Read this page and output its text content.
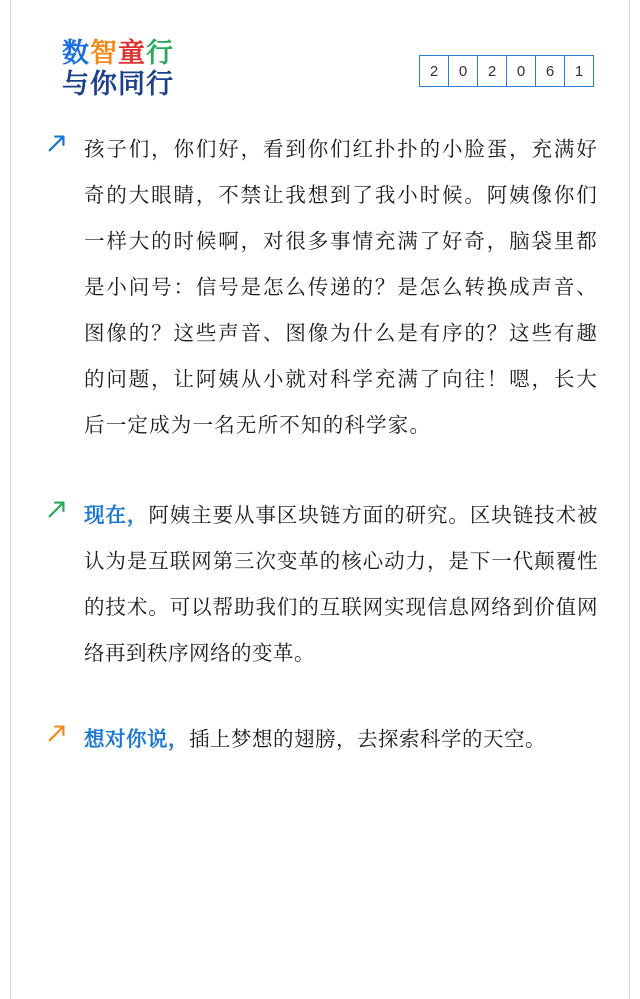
数智童行
与你同行	2	0	2	0	6	1
孩子们，你们好，看到你们红扑扑的小脸蛋，充满好奇的大眼睛，不禁让我想到了我小时候。阿姨像你们一样大的时候啊，对很多事情充满了好奇，脑袋里都是小问号：信号是怎么传递的？是怎么转换成声音、图像的？这些声音、图像为什么是有序的？这些有趣的问题，让阿姨从小就对科学充满了向往！嗯，长大后一定成为一名无所不知的科学家。
现在，阿姨主要从事区块链方面的研究。区块链技术被认为是互联网第三次变革的核心动力，是下一代颠覆性的技术。可以帮助我们的互联网实现信息网络到价值网络再到秩序网络的变革。
想对你说，插上梦想的翅膀，去探索科学的天空。
